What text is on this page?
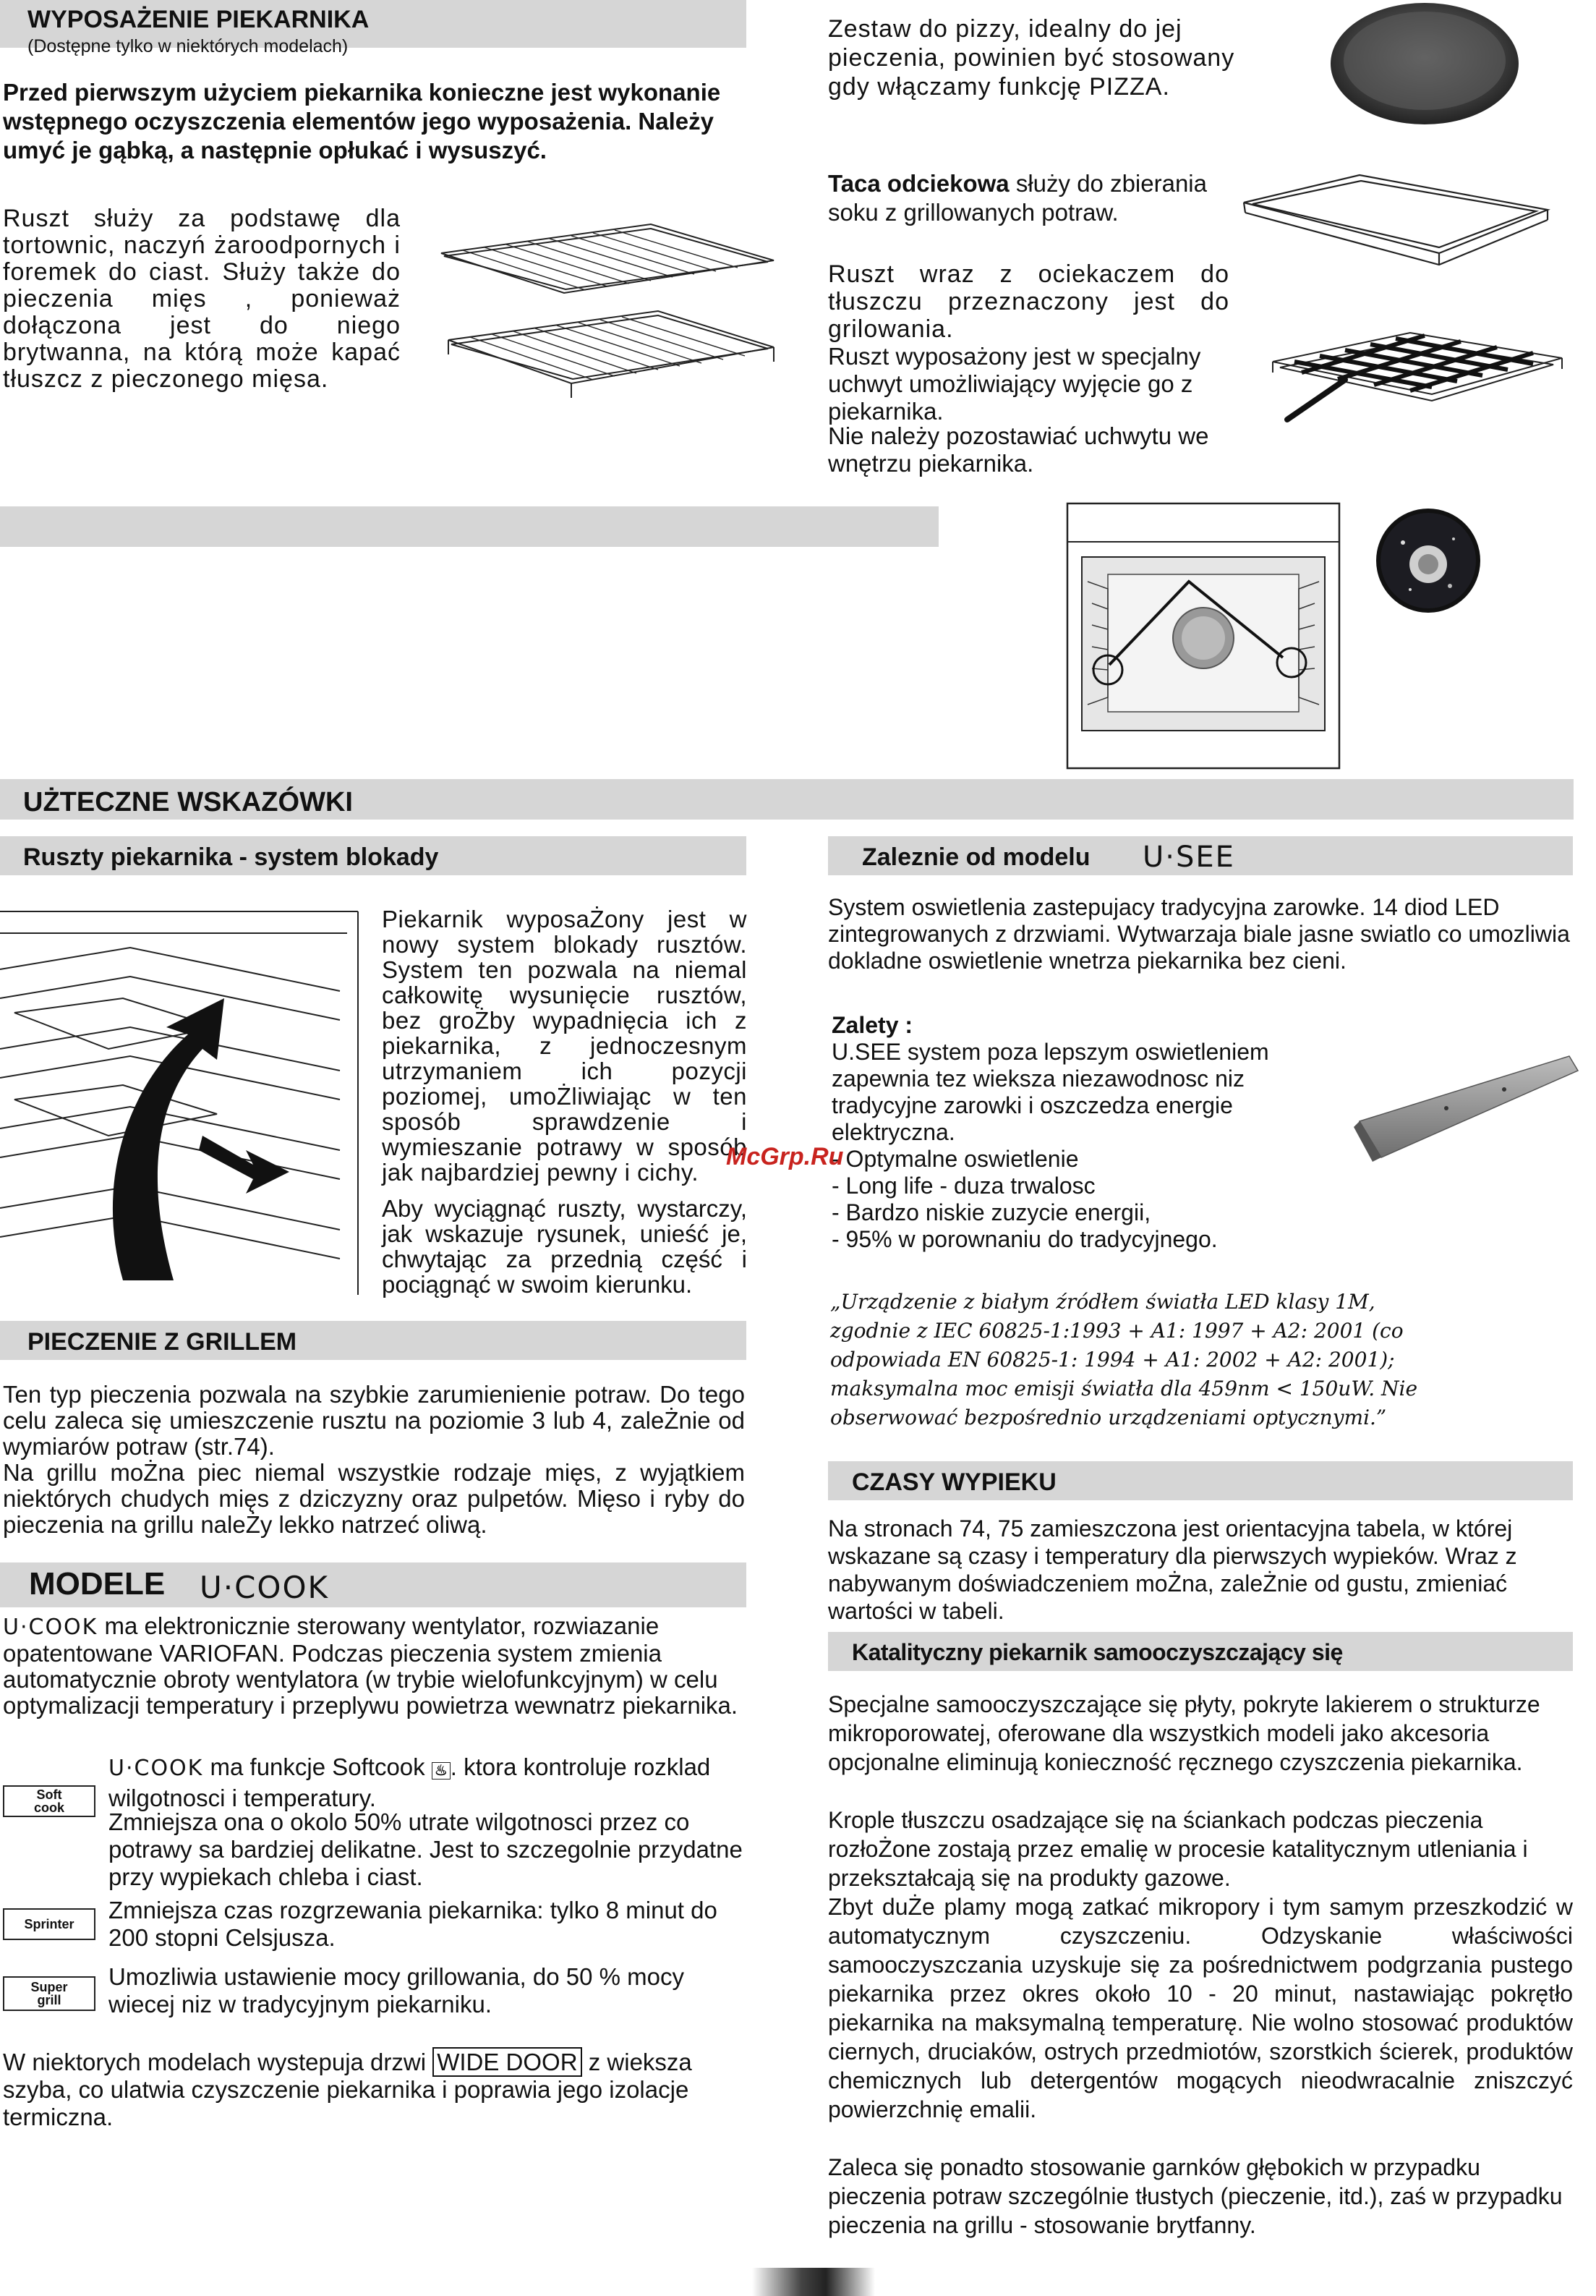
WYPOSAŻENIE PIEKARNIKA
(Dostępne tylko w niektórych modelach)
Przed pierwszym użyciem piekarnika konieczne jest wykonanie wstępnego oczyszczenia elementów jego wyposażenia. Należy umyć je gąbką, a następnie opłukać i wysuszyć.
Ruszt służy za podstawę dla tortownic, naczyń żaroodpornych i foremek do ciast. Służy także do pieczenia mięs , ponieważ dołączona jest do niego brytwanna, na którą może kapać tłuszcz z pieczonego mięsa.
Zestaw do pizzy, idealny do jej pieczenia, powinien być stosowany gdy włączamy funkcję PIZZA.
Taca odciekowa służy do zbierania soku z grillowanych potraw.
Ruszt wraz z ociekaczem do tłuszczu przeznaczony jest do grilowania.
Ruszt wyposażony jest w specjalny uchwyt umożliwiający wyjęcie go z piekarnika.
Nie należy pozostawiać uchwytu we wnętrzu piekarnika.
UŻTECZNE WSKAZÓWKI
Ruszty piekarnika - system blokady
Piekarnik wyposaŻony jest w nowy system blokady rusztów. System ten pozwala na niemal całkowitę wysunięcie rusztów, bez groŻby wypadnięcia ich z piekarnika, z jednoczesnym utrzymaniem ich pozycji poziomej, umoŻliwiając w ten sposób sprawdzenie i wymieszanie potrawy w sposób jak najbardziej pewny i cichy.
Aby wyciągnąć ruszty, wystarczy, jak wskazuje rysunek, unieść je, chwytając za przednią część i pociągnąć w swoim kierunku.
PIECZENIE Z GRILLEM
Ten typ pieczenia pozwala na szybkie zarumienienie potraw. Do tego celu zaleca się umieszczenie rusztu na poziomie 3 lub 4, zaleŻnie od wymiarów potraw (str.74).
Na grillu moŻna piec niemal wszystkie rodzaje mięs, z wyjątkiem niektórych chudych mięs z dziczyzny oraz pulpetów. Mięso i ryby do pieczenia na grillu naleŻy lekko natrzeć oliwą.
MODELE U·COOK
U·COOK ma elektronicznie sterowany wentylator, rozwiazanie opatentowane VARIOFAN. Podczas pieczenia system zmienia automatycznie obroty wentylatora (w trybie wielofunkcyjnym) w celu optymalizacji temperatury i przeplywu powietrza wewnatrz piekarnika.
Soft
cook
U·COOK ma funkcje Softcook ♨ . ktora kontroluje rozklad wilgotnosci i temperatury.
Zmniejsza ona o okolo 50% utrate wilgotnosci przez co potrawy sa bardziej delikatne. Jest to szczegolnie przydatne przy wypiekach chleba i ciast.
Sprinter
Zmniejsza czas rozgrzewania piekarnika: tylko 8 minut do 200 stopni Celsjusza.
Super
grill
Umozliwia ustawienie mocy grillowania, do 50 % mocy wiecej niz w tradycyjnym piekarniku.
W niektorych modelach wystepuja drzwi WIDE DOOR z wieksza szyba, co ulatwia czyszczenie piekarnika i poprawia jego izolacje termiczna.
Zaleznie od modelu U·SEE
System oswietlenia zastepujacy tradycyjna zarowke. 14 diod LED zintegrowanych z drzwiami. Wytwarzaja biale jasne swiatlo co umozliwia dokladne oswietlenie wnetrza piekarnika bez cieni.
Zalety :
U.SEE system poza lepszym oswietleniem zapewnia tez wieksza niezawodnosc niz tradycyjne zarowki i oszczedza energie elektryczna.

- Optymalne oswietlenie

- Long life - duza trwalosc

- Bardzo niskie zuzycie energii,

- 95% w porownaniu do tradycyjnego.

McGrp.Ru
„Urządzenie z białym źródłem światła LED klasy 1M, zgodnie z IEC 60825-1:1993 + A1: 1997 + A2: 2001 (co odpowiada EN 60825-1: 1994 + A1: 2002 + A2: 2001); maksymalna moc emisji światła dla 459nm < 150uW. Nie obserwować bezpośrednio urządzeniami optycznymi.”
CZASY WYPIEKU
Na stronach 74, 75 zamieszczona jest orientacyjna tabela, w której wskazane są czasy i temperatury dla pierwszych wypieków. Wraz z nabywanym doświadczeniem moŻna, zaleŻnie od gustu, zmieniać wartości w tabeli.
Katalityczny piekarnik samooczyszczający się
Specjalne samooczyszczające się płyty, pokryte lakierem o strukturze mikroporowatej, oferowane dla wszystkich modeli jako akcesoria opcjonalne eliminują konieczność ręcznego czyszczenia piekarnika.
Krople tłuszczu osadzające się na ściankach podczas pieczenia rozłoŻone zostają przez emalię w procesie katalitycznym utleniania i przekształcają się na produkty gazowe.
Zbyt duŻe plamy mogą zatkać mikropory i tym samym przeszkodzić w automatycznym czyszczeniu. Odzyskanie właściwości samooczyszczania uzyskuje się za pośrednictwem podgrzania pustego piekarnika przez okres około 10 - 20 minut, nastawiając pokrętło piekarnika na maksymalną temperaturę. Nie wolno stosować produktów ciernych, druciaków, ostrych przedmiotów, szorstkich ścierek, produktów chemicznych lub detergentów mogących nieodwracalnie zniszczyć powierzchnię emalii.
Zaleca się ponadto stosowanie garnków głębokich w przypadku pieczenia potraw szczególnie tłustych (pieczenie, itd.), zaś w przypadku pieczenia na grillu - stosowanie brytfanny.
